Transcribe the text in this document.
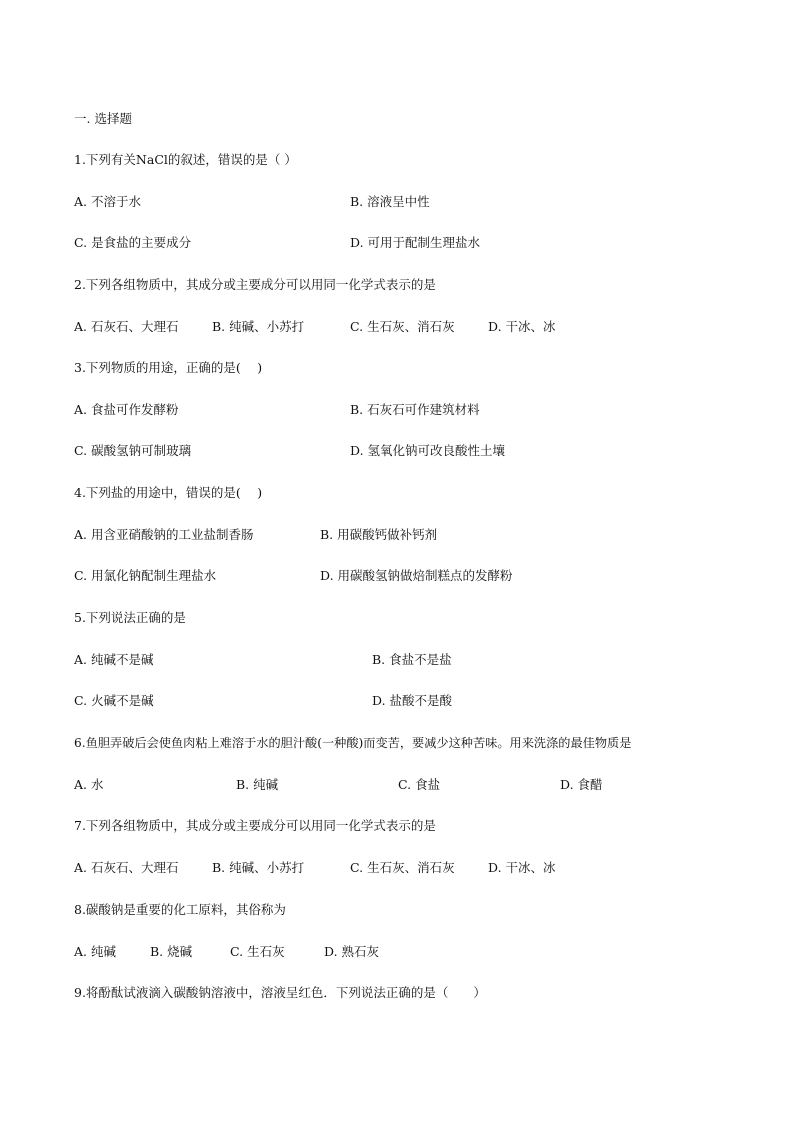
一. 选择题
1.下列有关NaCl的叙述，错误的是（ ）
A. 不溶于水	B. 溶液呈中性
C. 是食盐的主要成分	D. 可用于配制生理盐水
2.下列各组物质中，其成分或主要成分可以用同一化学式表示的是
A. 石灰石、大理石	B. 纯碱、小苏打	C. 生石灰、消石灰	D. 干冰、冰
3.下列物质的用途，正确的是(　 )
A. 食盐可作发酵粉	B. 石灰石可作建筑材料
C. 碳酸氢钠可制玻璃	D. 氢氧化钠可改良酸性土壤
4.下列盐的用途中，错误的是(　 )
A. 用含亚硝酸钠的工业盐制香肠	B. 用碳酸钙做补钙剂
C. 用氯化钠配制生理盐水	D. 用碳酸氢钠做焙制糕点的发酵粉
5.下列说法正确的是
A. 纯碱不是碱	B. 食盐不是盐
C. 火碱不是碱	D. 盐酸不是酸
6.鱼胆弄破后会使鱼肉粘上难溶于水的胆汁酸(一种酸)而变苦，要减少这种苦味。用来洗涤的最佳物质是
A. 水	B. 纯碱	C. 食盐	D. 食醋
7.下列各组物质中，其成分或主要成分可以用同一化学式表示的是
A. 石灰石、大理石	B. 纯碱、小苏打	C. 生石灰、消石灰	D. 干冰、冰
8.碳酸钠是重要的化工原料，其俗称为
A. 纯碱	B. 烧碱	C. 生石灰	D. 熟石灰
9.将酚酞试液滴入碳酸钠溶液中，溶液呈红色．下列说法正确的是（　　）
